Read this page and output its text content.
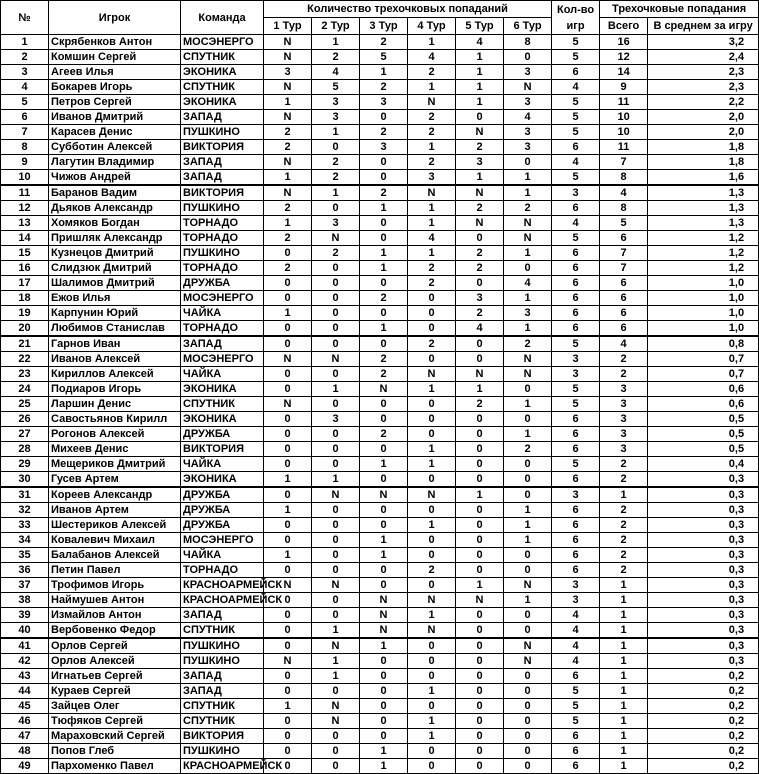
№	Игрок	Команда	Количество трехочковых попаданий						Кол-во игр	Трехочковые попадания	
			1 Тур	2 Тур	3 Тур	4 Тур	5 Тур	6 Тур		Всего	В среднем за игру
1	Скрябенков Антон	МОСЭНЕРГО	N	1	2	1	4	8	5	16	3,2
2	Комшин Сергей	СПУТНИК	N	2	5	4	1	0	5	12	2,4
3	Агеев Илья	ЭКОНИКА	3	4	1	2	1	3	6	14	2,3
4	Бокарев Игорь	СПУТНИК	N	5	2	1	1	N	4	9	2,3
5	Петров Сергей	ЭКОНИКА	1	3	3	N	1	3	5	11	2,2
6	Иванов Дмитрий	ЗАПАД	N	3	0	2	0	4	5	10	2,0
7	Карасев Денис	ПУШКИНО	2	1	2	2	N	3	5	10	2,0
8	Субботин Алексей	ВИКТОРИЯ	2	0	3	1	2	3	6	11	1,8
9	Лагутин Владимир	ЗАПАД	N	2	0	2	3	0	4	7	1,8
10	Чижов Андрей	ЗАПАД	1	2	0	3	1	1	5	8	1,6
11	Баранов Вадим	ВИКТОРИЯ	N	1	2	N	N	1	3	4	1,3
12	Дьяков Александр	ПУШКИНО	2	0	1	1	2	2	6	8	1,3
13	Хомяков Богдан	ТОРНАДО	1	3	0	1	N	N	4	5	1,3
14	Пришляк Александр	ТОРНАДО	2	N	0	4	0	N	5	6	1,2
15	Кузнецов Дмитрий	ПУШКИНО	0	2	1	1	2	1	6	7	1,2
16	Слидзюк Дмитрий	ТОРНАДО	2	0	1	2	2	0	6	7	1,2
17	Шалимов Дмитрий	ДРУЖБА	0	0	0	2	0	4	6	6	1,0
18	Ежов Илья	МОСЭНЕРГО	0	0	2	0	3	1	6	6	1,0
19	Карпунин Юрий	ЧАЙКА	1	0	0	0	2	3	6	6	1,0
20	Любимов Станислав	ТОРНАДО	0	0	1	0	4	1	6	6	1,0
21	Гарнов Иван	ЗАПАД	0	0	0	2	0	2	5	4	0,8
22	Иванов Алексей	МОСЭНЕРГО	N	N	2	0	0	N	3	2	0,7
23	Кириллов Алексей	ЧАЙКА	0	0	2	N	N	N	3	2	0,7
24	Подиаров Игорь	ЭКОНИКА	0	1	N	1	1	0	5	3	0,6
25	Ларшин Денис	СПУТНИК	N	0	0	0	2	1	5	3	0,6
26	Савостьянов Кирилл	ЭКОНИКА	0	3	0	0	0	0	6	3	0,5
27	Рогонов Алексей	ДРУЖБА	0	0	2	0	0	1	6	3	0,5
28	Михеев Денис	ВИКТОРИЯ	0	0	0	1	0	2	6	3	0,5
29	Мещериков Дмитрий	ЧАЙКА	0	0	1	1	0	0	5	2	0,4
30	Гусев Артем	ЭКОНИКА	1	1	0	0	0	0	6	2	0,3
31	Кореев Александр	ДРУЖБА	0	N	N	N	1	0	3	1	0,3
32	Иванов Артем	ДРУЖБА	1	0	0	0	0	1	6	2	0,3
33	Шестериков Алексей	ДРУЖБА	0	0	0	1	0	1	6	2	0,3
34	Ковалевич Михаил	МОСЭНЕРГО	0	0	1	0	0	1	6	2	0,3
35	Балабанов Алексей	ЧАЙКА	1	0	1	0	0	0	6	2	0,3
36	Петин Павел	ТОРНАДО	0	0	0	2	0	0	6	2	0,3
37	Трофимов Игорь	КРАСНОАРМЕЙСК	N	N	0	0	1	N	3	1	0,3
38	Наймушев Антон	КРАСНОАРМЕЙСК	0	0	N	N	N	1	3	1	0,3
39	Измайлов Антон	ЗАПАД	0	0	N	1	0	0	4	1	0,3
40	Вербовенко Федор	СПУТНИК	0	1	N	N	0	0	4	1	0,3
41	Орлов Сергей	ПУШКИНО	0	N	1	0	0	N	4	1	0,3
42	Орлов Алексей	ПУШКИНО	N	1	0	0	0	N	4	1	0,3
43	Игнатьев Сергей	ЗАПАД	0	1	0	0	0	0	6	1	0,2
44	Кураев Сергей	ЗАПАД	0	0	0	1	0	0	5	1	0,2
45	Зайцев Олег	СПУТНИК	1	N	0	0	0	0	5	1	0,2
46	Тюфяков Сергей	СПУТНИК	0	N	0	1	0	0	5	1	0,2
47	Мараховский Сергей	ВИКТОРИЯ	0	0	0	1	0	0	6	1	0,2
48	Попов Глеб	ПУШКИНО	0	0	1	0	0	0	6	1	0,2
49	Пархоменко Павел	КРАСНОАРМЕЙСК	0	0	1	0	0	0	6	1	0,2
